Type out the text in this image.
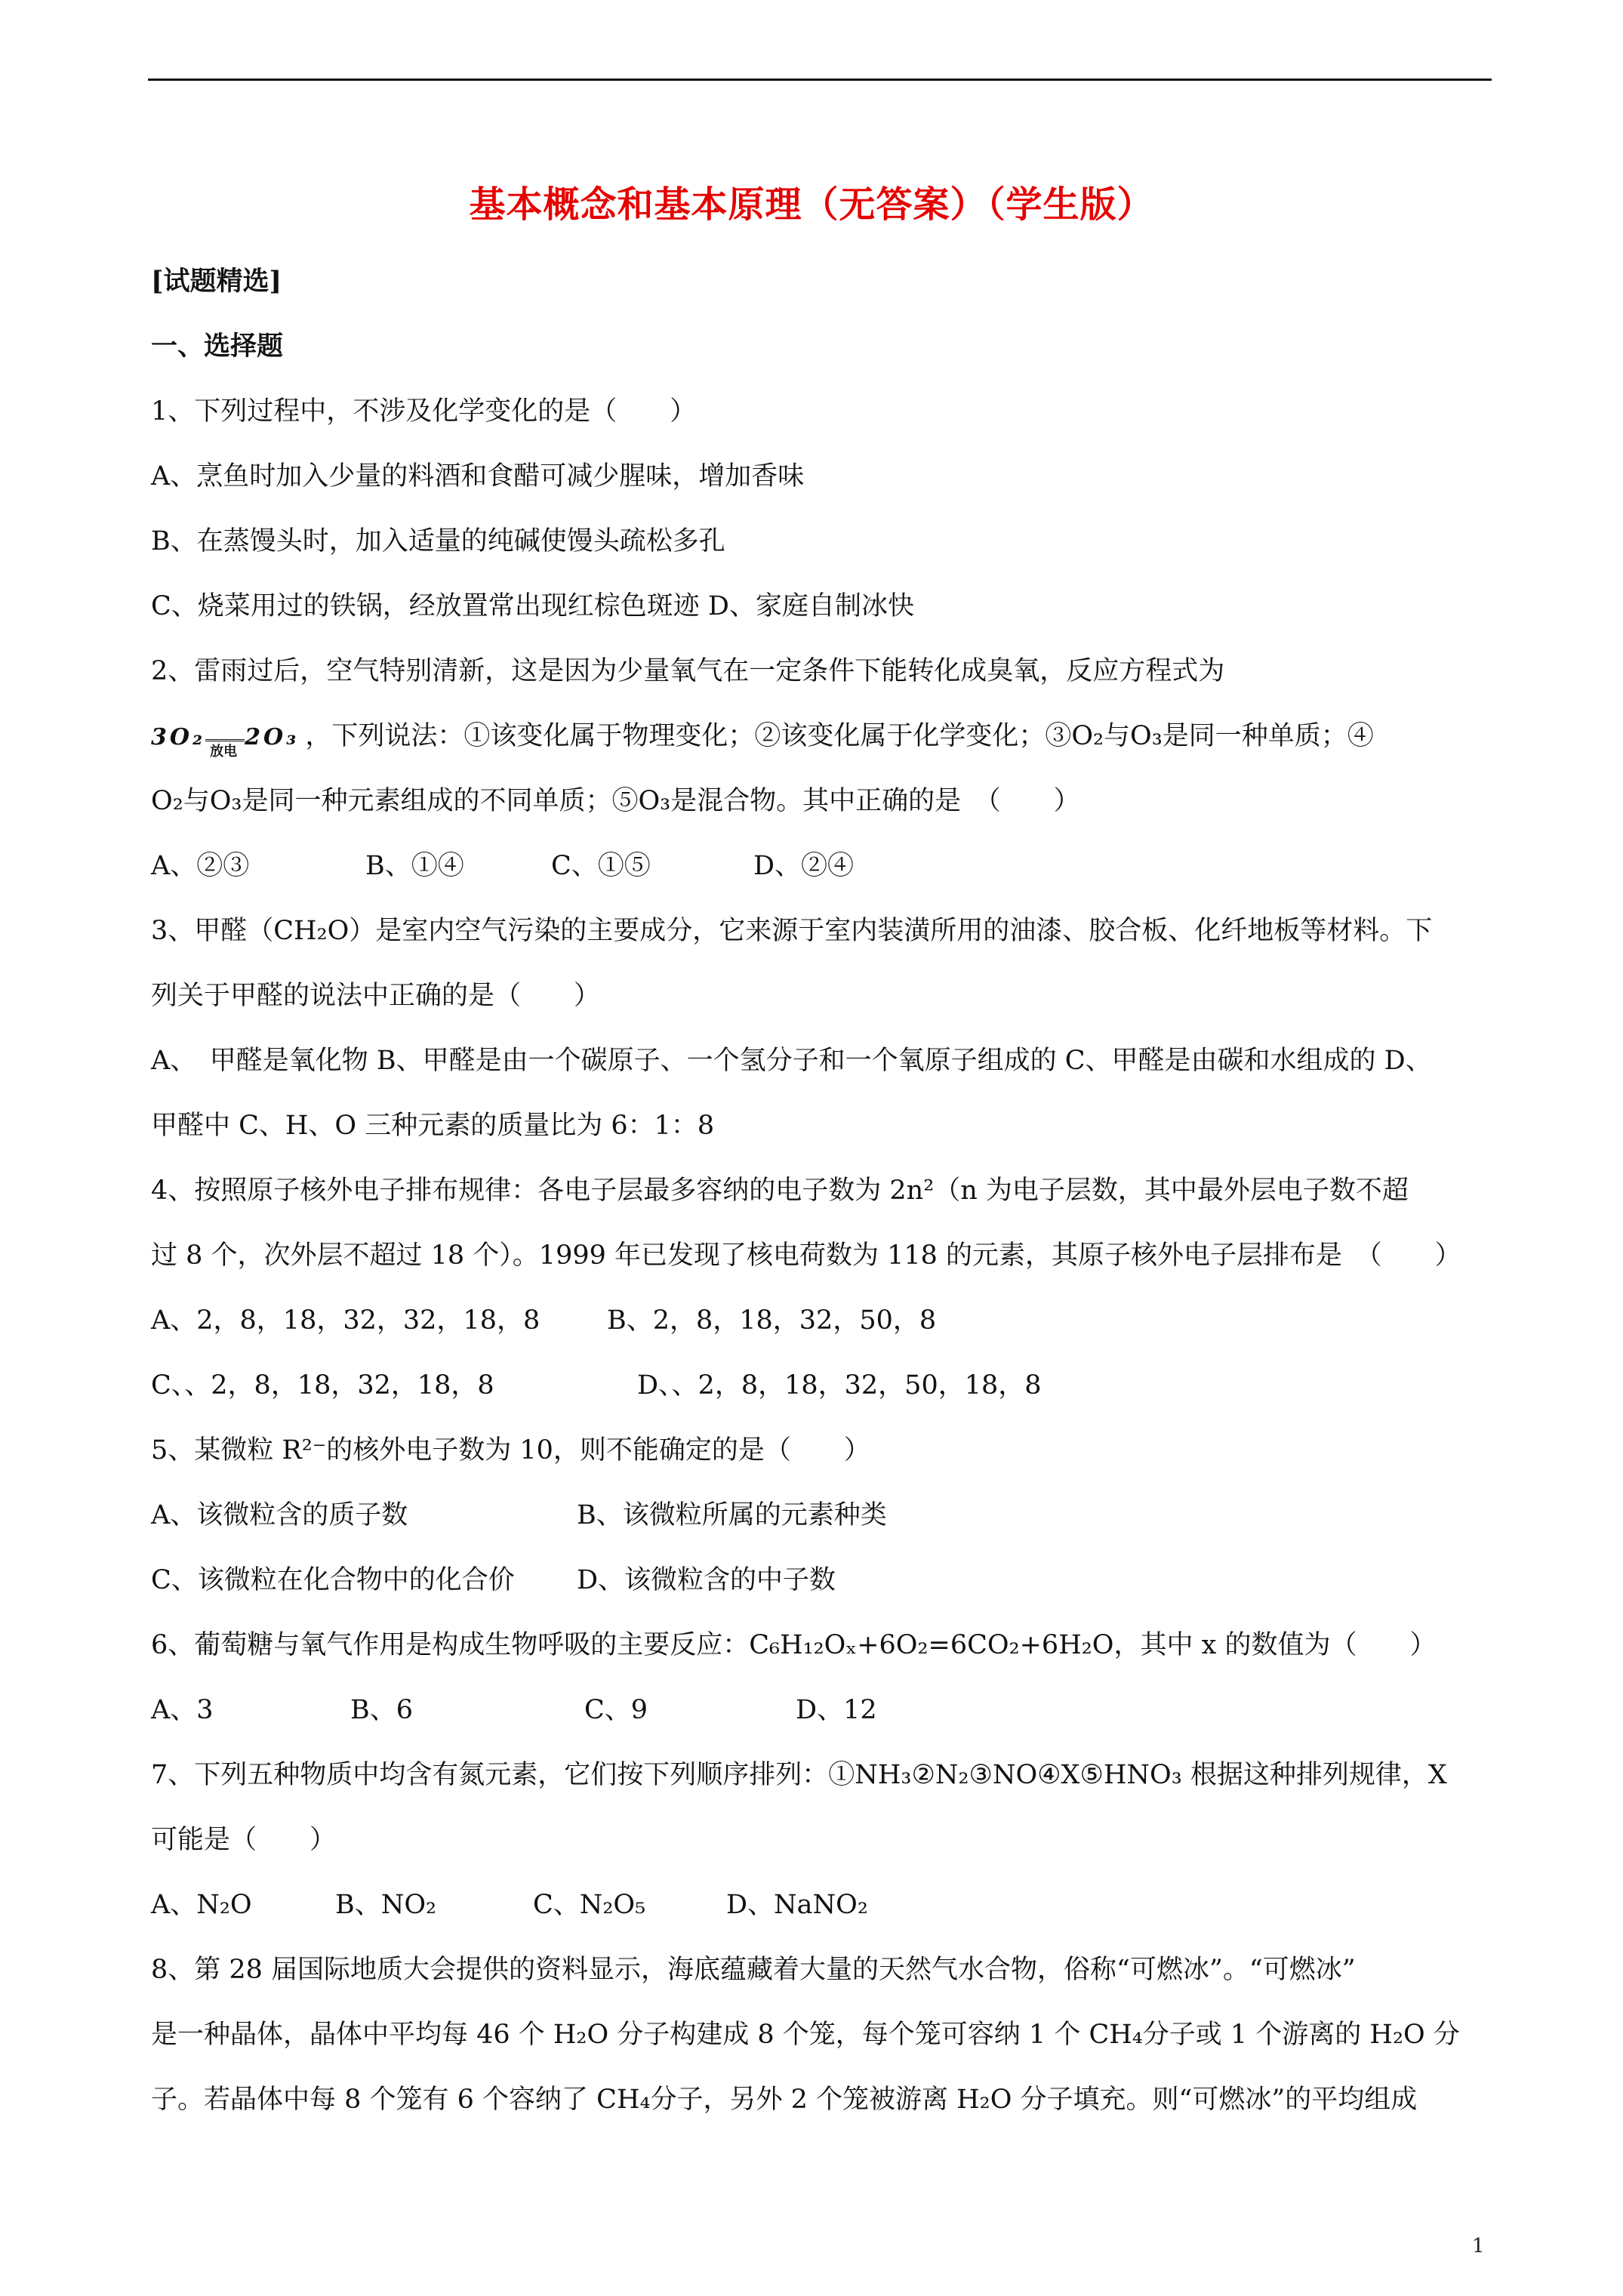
基本概念和基本原理（无答案）（学生版）
[试题精选]
一、选择题
1、下列过程中，不涉及化学变化的是（　　）
A、烹鱼时加入少量的料酒和食醋可减少腥味，增加香味
B、在蒸馒头时，加入适量的纯碱使馒头疏松多孔
C、烧菜用过的铁锅，经放置常出现红棕色斑迹 D、家庭自制冰快
2、雷雨过后，空气特别清新，这是因为少量氧气在一定条件下能转化成臭氧，反应方程式为
3O₂
放电
2O₃ ，下列说法：①该变化属于物理变化；②该变化属于化学变化；③O₂与O₃是同一种单质；④
O₂与O₃是同一种元素组成的不同单质；⑤O₃是混合物。其中正确的是　（　　）
A、②③	B、①④	C、①⑤	D、②④
3、甲醛（CH₂O）是室内空气污染的主要成分，它来源于室内装潢所用的油漆、胶合板、化纤地板等材料。下
列关于甲醛的说法中正确的是（　　）
A、　甲醛是氧化物 B、甲醛是由一个碳原子、一个氢分子和一个氧原子组成的 C、甲醛是由碳和水组成的 D、
甲醛中 C、H、O 三种元素的质量比为 6：1：8
4、按照原子核外电子排布规律：各电子层最多容纳的电子数为 2n²（n 为电子层数，其中最外层电子数不超
过 8 个，次外层不超过 18 个）。1999 年已发现了核电荷数为 118 的元素，其原子核外电子层排布是　（　　）
A、2，8，18，32，32，18，8	B、2，8，18，32，50，8
C、、2，8，18，32，18，8	D、、2，8，18，32，50，18，8
5、某微粒 R²⁻的核外电子数为 10，则不能确定的是（　　）
A、该微粒含的质子数	B、该微粒所属的元素种类
C、该微粒在化合物中的化合价 D、该微粒含的中子数
6、葡萄糖与氧气作用是构成生物呼吸的主要反应：C₆H₁₂Oₓ+6O₂=6CO₂+6H₂O，其中 x 的数值为（　　）
A、3	B、6	C、9	D、12
7、下列五种物质中均含有氮元素，它们按下列顺序排列：①NH₃②N₂③NO④X⑤HNO₃ 根据这种排列规律，X
可能是（　　）
A、N₂O	B、NO₂	C、N₂O₅	D、NaNO₂
8、第 28 届国际地质大会提供的资料显示，海底蕴藏着大量的天然气水合物，俗称“可燃冰”。“可燃冰”
是一种晶体，晶体中平均每 46 个 H₂O 分子构建成 8 个笼，每个笼可容纳 1 个 CH₄分子或 1 个游离的 H₂O 分
子。若晶体中每 8 个笼有 6 个容纳了 CH₄分子，另外 2 个笼被游离 H₂O 分子填充。则“可燃冰”的平均组成
1
